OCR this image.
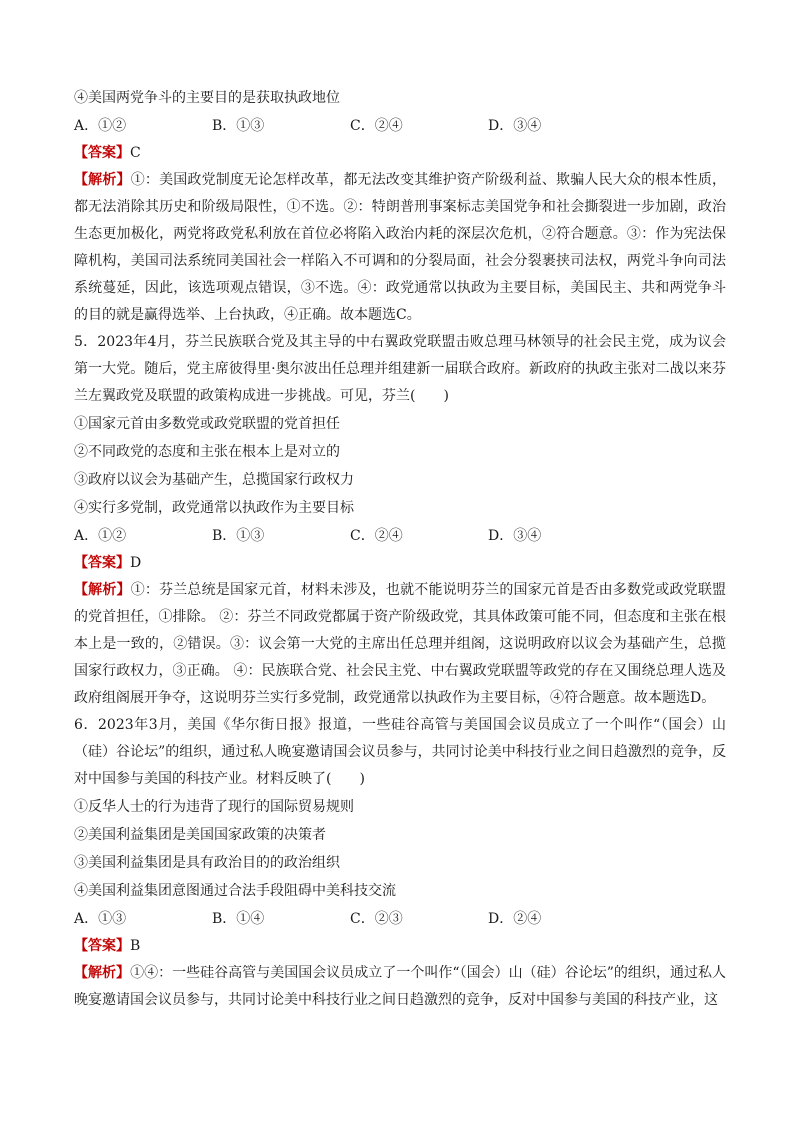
④美国两党争斗的主要目的是获取执政地位
A．①②	B．①③	C．②④	D．③④
【答案】C
【解析】①：美国政党制度无论怎样改革，都无法改变其维护资产阶级利益、欺骗人民大众的根本性质，都无法消除其历史和阶级局限性，①不选。②：特朗普刑事案标志美国党争和社会撕裂进一步加剧，政治生态更加极化，两党将政党私利放在首位必将陷入政治内耗的深层次危机，②符合题意。③：作为宪法保障机构，美国司法系统同美国社会一样陷入不可调和的分裂局面，社会分裂裹挟司法权，两党斗争向司法系统蔓延，因此，该选项观点错误，③不选。④：政党通常以执政为主要目标，美国民主、共和两党争斗的目的就是赢得选举、上台执政，④正确。故本题选C。
5．2023年4月，芬兰民族联合党及其主导的中右翼政党联盟击败总理马林领导的社会民主党，成为议会第一大党。随后，党主席彼得里·奥尔波出任总理并组建新一届联合政府。新政府的执政主张对二战以来芬兰左翼政党及联盟的政策构成进一步挑战。可见，芬兰(　　)
①国家元首由多数党或政党联盟的党首担任
②不同政党的态度和主张在根本上是对立的
③政府以议会为基础产生，总揽国家行政权力
④实行多党制，政党通常以执政作为主要目标
A．①②	B．①③	C．②④	D．③④
【答案】D
【解析】①：芬兰总统是国家元首，材料未涉及，也就不能说明芬兰的国家元首是否由多数党或政党联盟的党首担任，①排除。 ②：芬兰不同政党都属于资产阶级政党，其具体政策可能不同，但态度和主张在根本上是一致的，②错误。③：议会第一大党的主席出任总理并组阁，这说明政府以议会为基础产生，总揽国家行政权力，③正确。 ④：民族联合党、社会民主党、中右翼政党联盟等政党的存在又围绕总理人选及政府组阁展开争夺，这说明芬兰实行多党制，政党通常以执政作为主要目标，④符合题意。故本题选D。
6．2023年3月，美国《华尔街日报》报道，一些硅谷高管与美国国会议员成立了一个叫作“（国会）山（硅）谷论坛”的组织，通过私人晚宴邀请国会议员参与，共同讨论美中科技行业之间日趋激烈的竞争，反对中国参与美国的科技产业。材料反映了(　　)
①反华人士的行为违背了现行的国际贸易规则
②美国利益集团是美国国家政策的决策者
③美国利益集团是具有政治目的的政治组织
④美国利益集团意图通过合法手段阻碍中美科技交流
A．①③	B．①④	C．②③	D．②④
【答案】B
【解析】①④：一些硅谷高管与美国国会议员成立了一个叫作“（国会）山（硅）谷论坛”的组织，通过私人晚宴邀请国会议员参与，共同讨论美中科技行业之间日趋激烈的竞争，反对中国参与美国的科技产业，这
